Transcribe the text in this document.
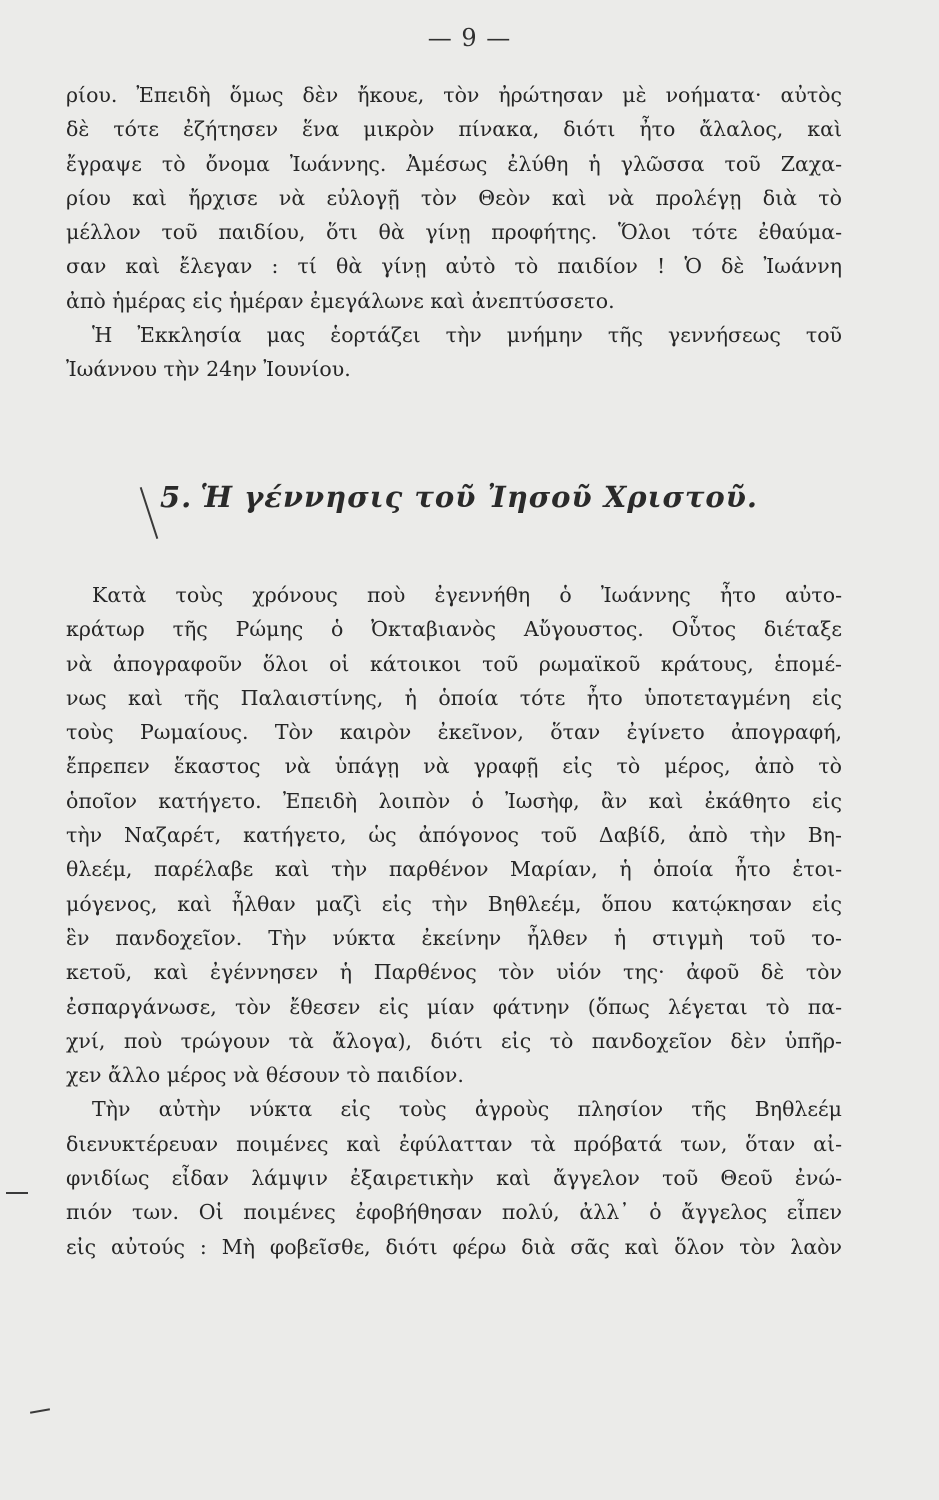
— 9 —
ρίου. Ἐπειδὴ ὅμως δὲν ἤκουε, τὸν ἠρώτησαν μὲ νοήματα· αὐτὸς
δὲ τότε ἐζήτησεν ἕνα μικρὸν πίνακα, διότι ἦτο ἄλαλος, καὶ
ἔγραψε τὸ ὄνομα Ἰωάννης. Ἀμέσως ἐλύθη ἡ γλῶσσα τοῦ Ζαχα-
ρίου καὶ ἤρχισε νὰ εὐλογῇ τὸν Θεὸν καὶ νὰ προλέγῃ διὰ τὸ
μέλλον τοῦ παιδίου, ὅτι θὰ γίνῃ προφήτης. Ὅλοι τότε ἐθαύμα-
σαν καὶ ἔλεγαν : τί θὰ γίνῃ αὐτὸ τὸ παιδίον ! Ὁ δὲ Ἰωάννη
ἀπὸ ἡμέρας εἰς ἡμέραν ἐμεγάλωνε καὶ ἀνεπτύσσετο.
Ἡ Ἐκκλησία μας ἑορτάζει τὴν μνήμην τῆς γεννήσεως τοῦ
Ἰωάννου τὴν 24ην Ἰουνίου.
5. Ἡ γέννησις τοῦ Ἰησοῦ Χριστοῦ.
Κατὰ τοὺς χρόνους ποὺ ἐγεννήθη ὁ Ἰωάννης ἦτο αὐτο-
κράτωρ τῆς Ρώμης ὁ Ὀκταβιανὸς Αὔγουστος. Οὗτος διέταξε
νὰ ἀπογραφοῦν ὅλοι οἱ κάτοικοι τοῦ ρωμαϊκοῦ κράτους, ἑπομέ-
νως καὶ τῆς Παλαιστίνης, ἡ ὁποία τότε ἦτο ὑποτεταγμένη εἰς
τοὺς Ρωμαίους. Τὸν καιρὸν ἐκεῖνον, ὅταν ἐγίνετο ἀπογραφή,
ἔπρεπεν ἕκαστος νὰ ὑπάγῃ νὰ γραφῇ εἰς τὸ μέρος, ἀπὸ τὸ
ὁποῖον κατήγετο. Ἐπειδὴ λοιπὸν ὁ Ἰωσὴφ, ἂν καὶ ἐκάθητο εἰς
τὴν Ναζαρέτ, κατήγετο, ὡς ἀπόγονος τοῦ Δαβίδ, ἀπὸ τὴν Βη-
θλεέμ, παρέλαβε καὶ τὴν παρθένον Μαρίαν, ἡ ὁποία ἦτο ἑτοι-
μόγενος, καὶ ἦλθαν μαζὶ εἰς τὴν Βηθλεέμ, ὅπου κατῴκησαν εἰς
ἓν πανδοχεῖον. Τὴν νύκτα ἐκείνην ἦλθεν ἡ στιγμὴ τοῦ το-
κετοῦ, καὶ ἐγέννησεν ἡ Παρθένος τὸν υἱόν της· ἀφοῦ δὲ τὸν
ἐσπαργάνωσε, τὸν ἔθεσεν εἰς μίαν φάτνην (ὅπως λέγεται τὸ πα-
χνί, ποὺ τρώγουν τὰ ἄλογα), διότι εἰς τὸ πανδοχεῖον δὲν ὑπῆρ-
χεν ἄλλο μέρος νὰ θέσουν τὸ παιδίον.
Τὴν αὐτὴν νύκτα εἰς τοὺς ἀγροὺς πλησίον τῆς Βηθλεέμ
διενυκτέρευαν ποιμένες καὶ ἐφύλατταν τὰ πρόβατά των, ὅταν αἰ-
φνιδίως εἶδαν λάμψιν ἐξαιρετικὴν καὶ ἄγγελον τοῦ Θεοῦ ἐνώ-
πιόν των. Οἱ ποιμένες ἐφοβήθησαν πολύ, ἀλλ᾽ ὁ ἄγγελος εἶπεν
εἰς αὐτούς : Μὴ φοβεῖσθε, διότι φέρω διὰ σᾶς καὶ ὅλον τὸν λαὸν
